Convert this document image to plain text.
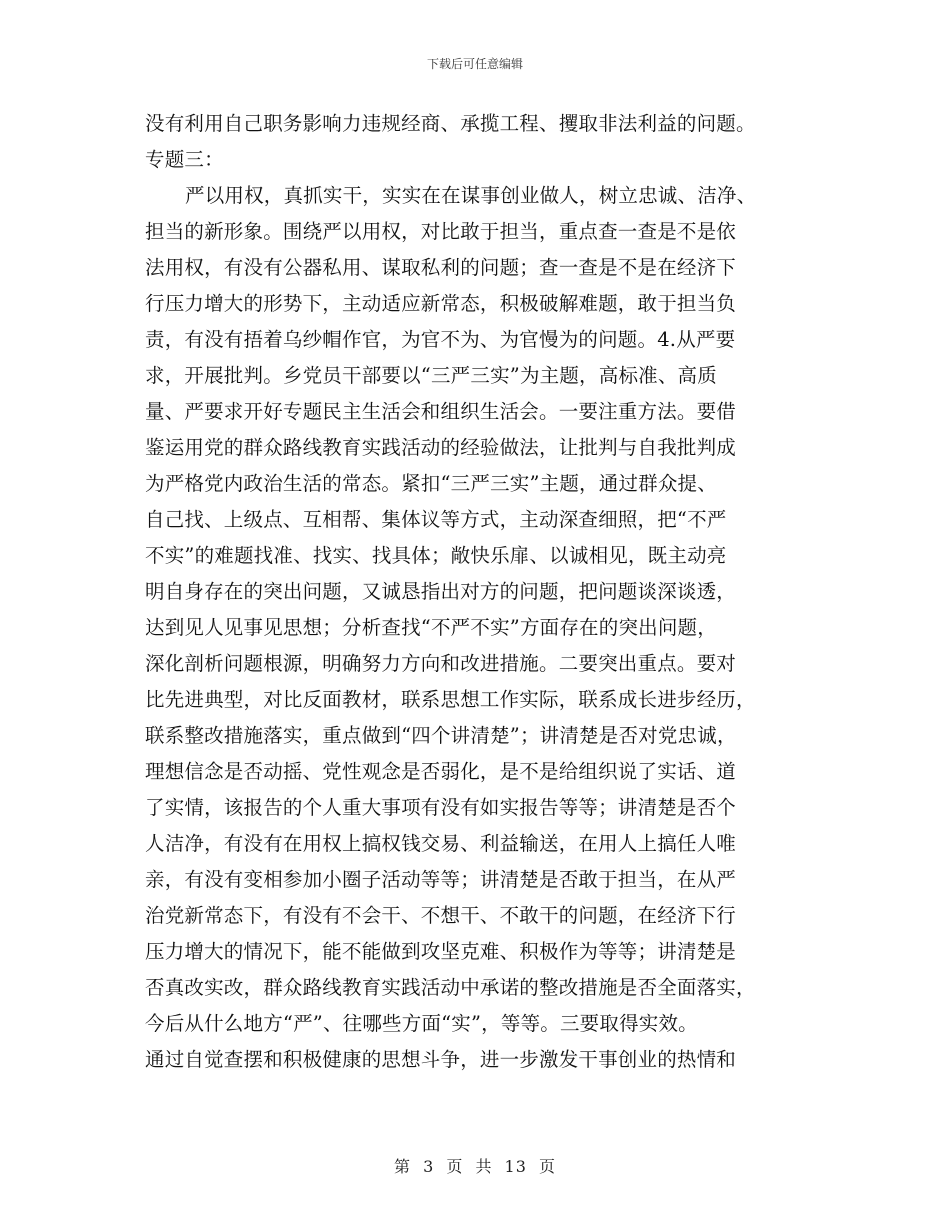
下载后可任意编辑
没有利用自己职务影响力违规经商、承揽工程、攫取非法利益的问题。
专题三：
严以用权，真抓实干，实实在在谋事创业做人，树立忠诚、洁净、
担当的新形象。围绕严以用权，对比敢于担当，重点查一查是不是依
法用权，有没有公器私用、谋取私利的问题；查一查是不是在经济下
行压力增大的形势下，主动适应新常态，积极破解难题，敢于担当负
责，有没有捂着乌纱帽作官，为官不为、为官慢为的问题。4.从严要
求，开展批判。乡党员干部要以“三严三实”为主题，高标准、高质
量、严要求开好专题民主生活会和组织生活会。一要注重方法。要借
鉴运用党的群众路线教育实践活动的经验做法，让批判与自我批判成
为严格党内政治生活的常态。紧扣“三严三实”主题，通过群众提、
自己找、上级点、互相帮、集体议等方式，主动深查细照，把“不严
不实”的难题找准、找实、找具体；敞快乐扉、以诚相见，既主动亮
明自身存在的突出问题，又诚恳指出对方的问题，把问题谈深谈透，
达到见人见事见思想；分析查找“不严不实”方面存在的突出问题，
深化剖析问题根源，明确努力方向和改进措施。二要突出重点。要对
比先进典型，对比反面教材，联系思想工作实际，联系成长进步经历，
联系整改措施落实，重点做到“四个讲清楚”；讲清楚是否对党忠诚，
理想信念是否动摇、党性观念是否弱化，是不是给组织说了实话、道
了实情，该报告的个人重大事项有没有如实报告等等；讲清楚是否个
人洁净，有没有在用权上搞权钱交易、利益输送，在用人上搞任人唯
亲，有没有变相参加小圈子活动等等；讲清楚是否敢于担当，在从严
治党新常态下，有没有不会干、不想干、不敢干的问题，在经济下行
压力增大的情况下，能不能做到攻坚克难、积极作为等等；讲清楚是
否真改实改，群众路线教育实践活动中承诺的整改措施是否全面落实，
今后从什么地方“严”、往哪些方面“实”，等等。三要取得实效。
通过自觉查摆和积极健康的思想斗争，进一步激发干事创业的热情和
第 3 页 共 13 页
